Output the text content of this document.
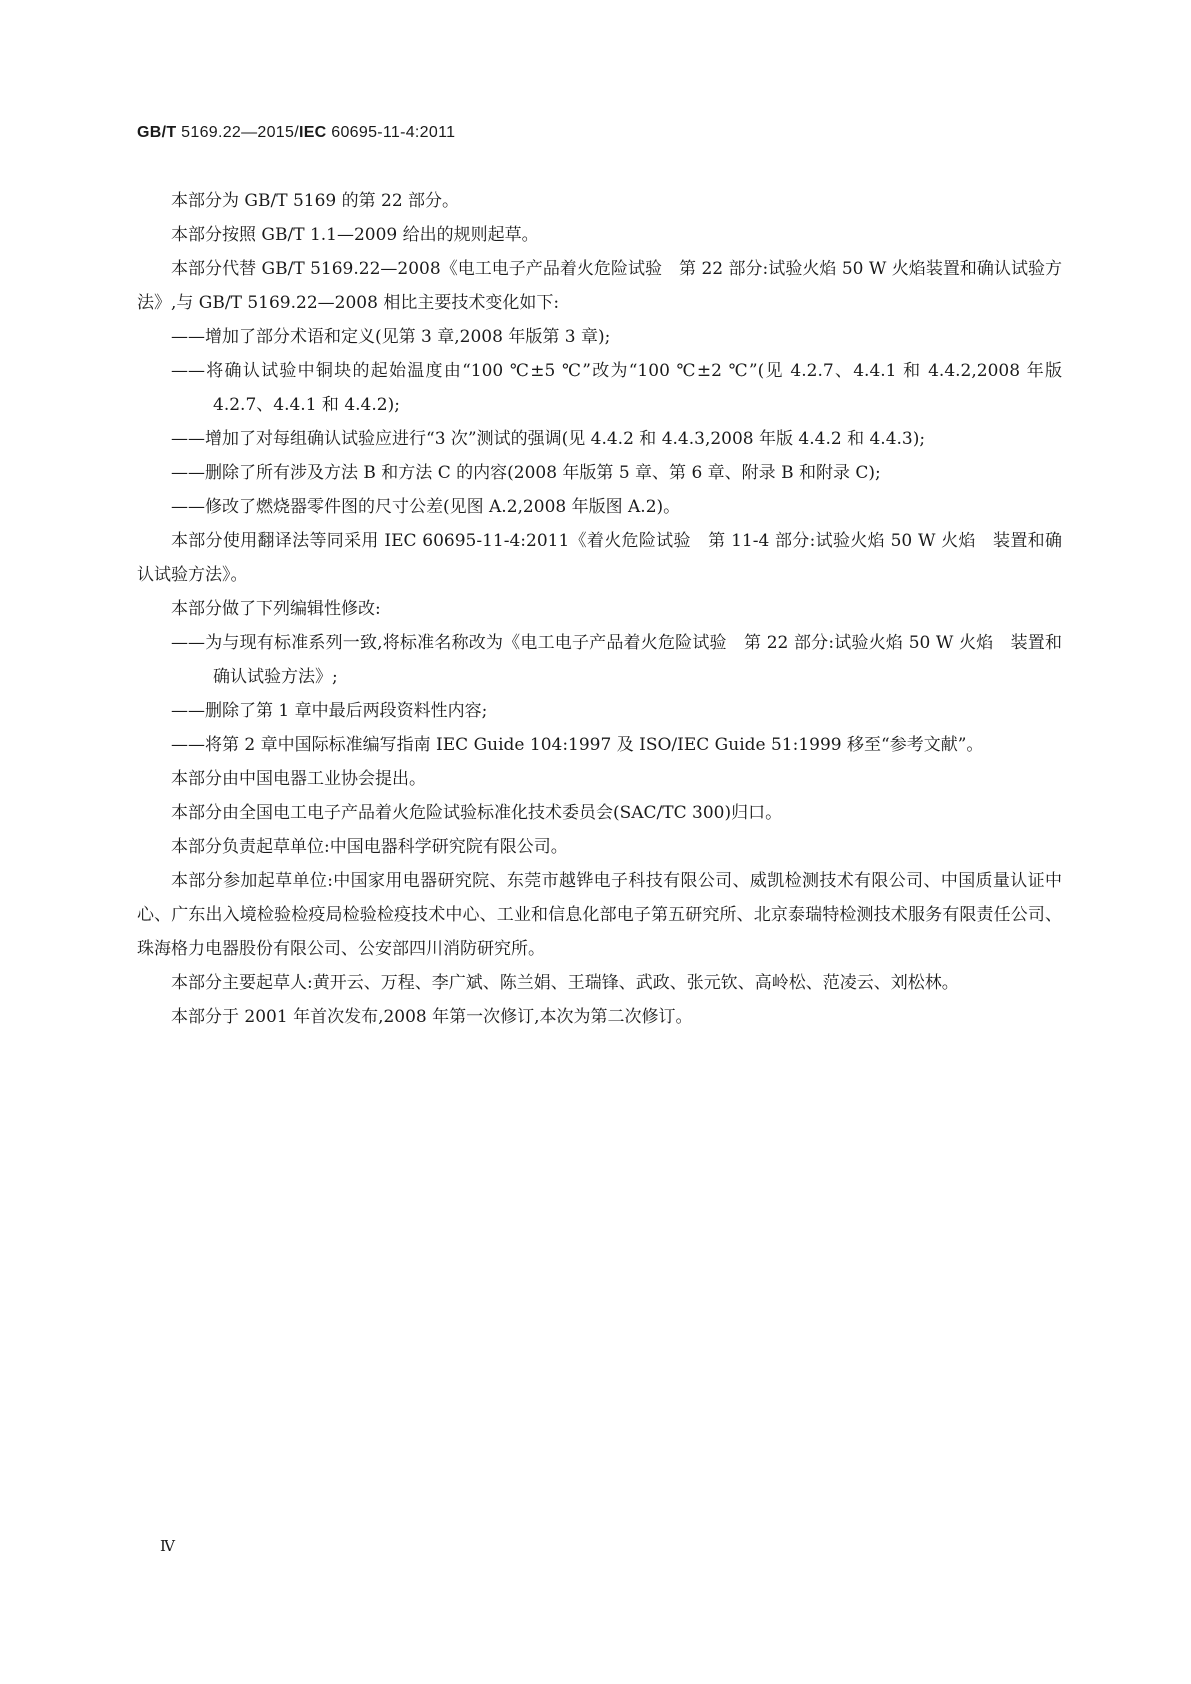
GB/T 5169.22—2015/IEC 60695-11-4:2011

本部分为 GB/T 5169 的第 22 部分。

本部分按照 GB/T 1.1—2009 给出的规则起草。

本部分代替 GB/T 5169.22—2008《电工电子产品着火危险试验　第 22 部分:试验火焰 50 W 火焰装置和确认试验方法》,与 GB/T 5169.22—2008 相比主要技术变化如下:

——增加了部分术语和定义(见第 3 章,2008 年版第 3 章);

——将确认试验中铜块的起始温度由“100 ℃±5 ℃”改为“100 ℃±2 ℃”(见 4.2.7、4.4.1 和 4.4.2,2008 年版 4.2.7、4.4.1 和 4.4.2);

——增加了对每组确认试验应进行“3 次”测试的强调(见 4.4.2 和 4.4.3,2008 年版 4.4.2 和 4.4.3);

——删除了所有涉及方法 B 和方法 C 的内容(2008 年版第 5 章、第 6 章、附录 B 和附录 C);

——修改了燃烧器零件图的尺寸公差(见图 A.2,2008 年版图 A.2)。

本部分使用翻译法等同采用 IEC 60695-11-4:2011《着火危险试验　第 11-4 部分:试验火焰 50 W 火焰　装置和确认试验方法》。

本部分做了下列编辑性修改:

——为与现有标准系列一致,将标准名称改为《电工电子产品着火危险试验　第 22 部分:试验火焰 50 W 火焰　装置和确认试验方法》;

——删除了第 1 章中最后两段资料性内容;

——将第 2 章中国际标准编写指南 IEC Guide 104:1997 及 ISO/IEC Guide 51:1999 移至“参考文献”。

本部分由中国电器工业协会提出。

本部分由全国电工电子产品着火危险试验标准化技术委员会(SAC/TC 300)归口。

本部分负责起草单位:中国电器科学研究院有限公司。

本部分参加起草单位:中国家用电器研究院、东莞市越铧电子科技有限公司、威凯检测技术有限公司、中国质量认证中心、广东出入境检验检疫局检验检疫技术中心、工业和信息化部电子第五研究所、北京泰瑞特检测技术服务有限责任公司、珠海格力电器股份有限公司、公安部四川消防研究所。

本部分主要起草人:黄开云、万程、李广斌、陈兰娟、王瑞锋、武政、张元钦、高岭松、范凌云、刘松林。

本部分于 2001 年首次发布,2008 年第一次修订,本次为第二次修订。

Ⅳ
